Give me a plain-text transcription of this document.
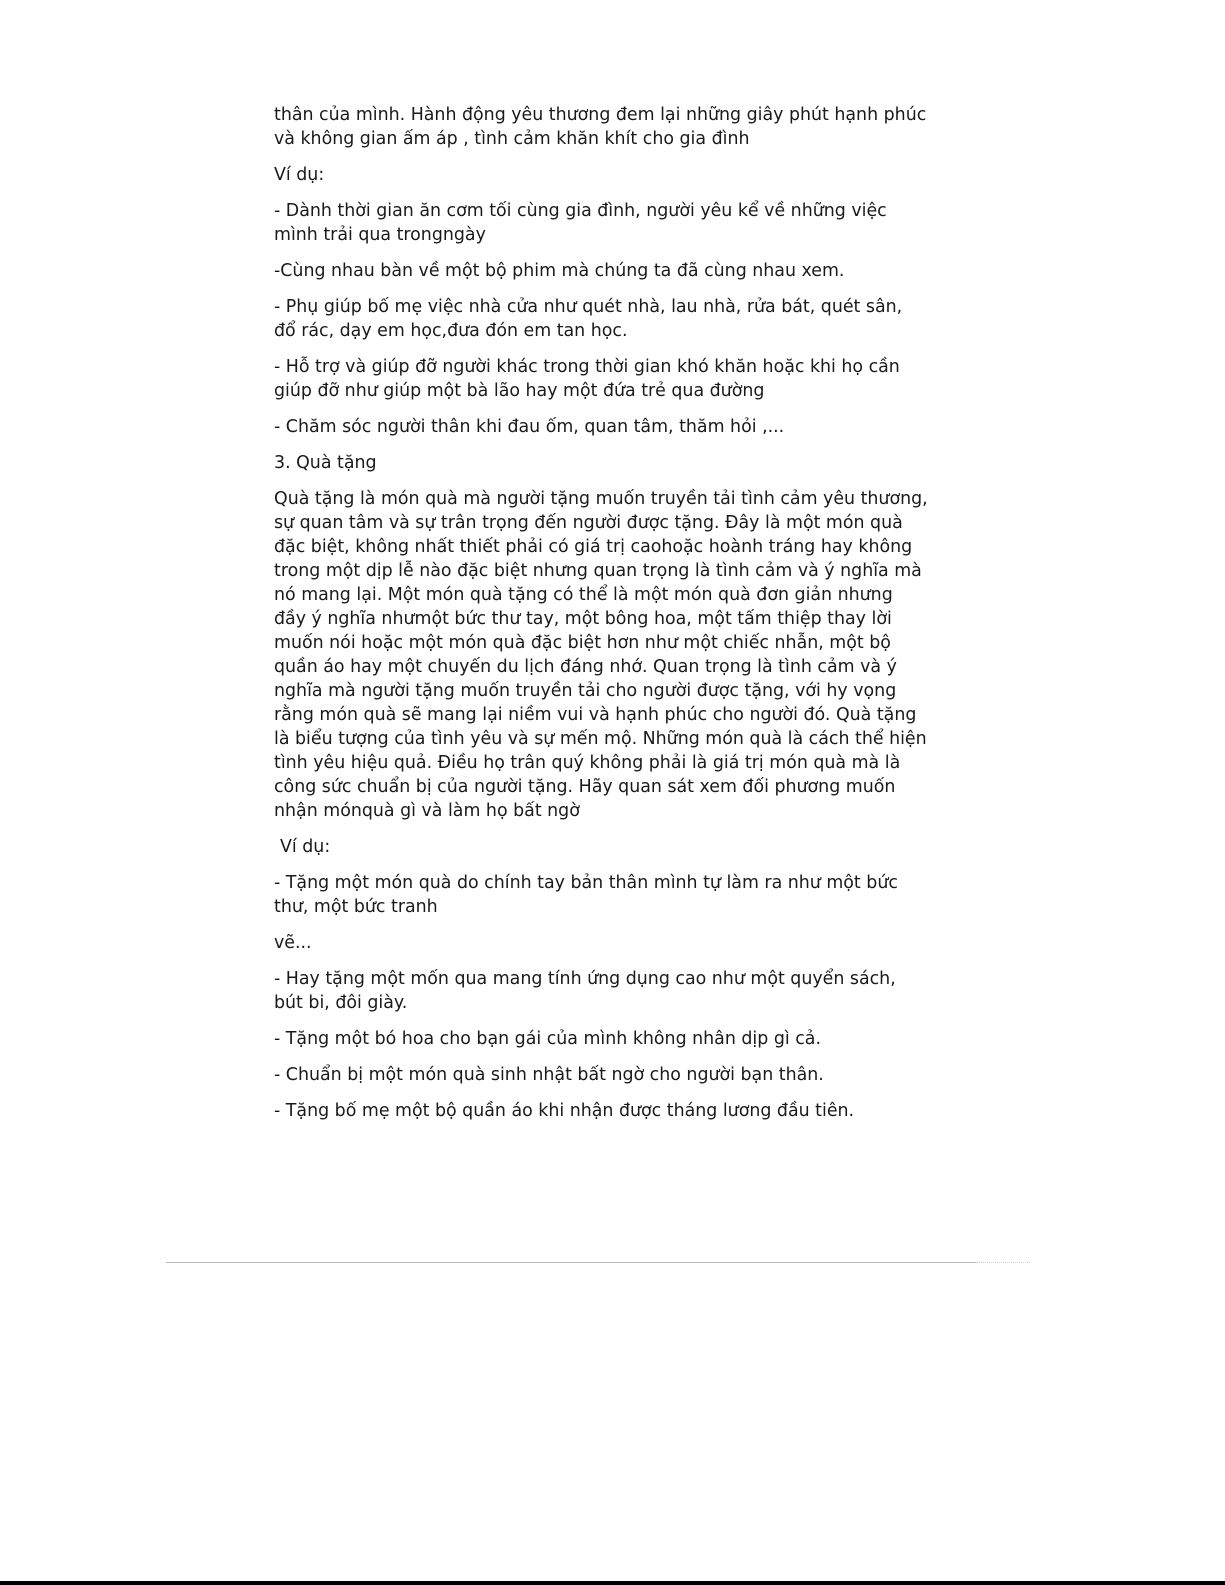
thân của mình. Hành động yêu thương đem lại những giây phút hạnh phúc
và không gian ấm áp , tình cảm khăn khít cho gia đình

Ví dụ:

- Dành thời gian ăn cơm tối cùng gia đình, người yêu kể về những việc
mình trải qua trongngày

-Cùng nhau bàn về một bộ phim mà chúng ta đã cùng nhau xem.

- Phụ giúp bố mẹ việc nhà cửa như quét nhà, lau nhà, rửa bát, quét sân,
đổ rác, dạy em học,đưa đón em tan học.

- Hỗ trợ và giúp đỡ người khác trong thời gian khó khăn hoặc khi họ cần
giúp đỡ như giúp một bà lão hay một đứa trẻ qua đường

- Chăm sóc người thân khi đau ốm, quan tâm, thăm hỏi ,...

3. Quà tặng

Quà tặng là món quà mà người tặng muốn truyền tải tình cảm yêu thương,
sự quan tâm và sự trân trọng đến người được tặng. Đây là một món quà
đặc biệt, không nhất thiết phải có giá trị caohoặc hoành tráng hay không
trong một dịp lễ nào đặc biệt nhưng quan trọng là tình cảm và ý nghĩa mà
nó mang lại. Một món quà tặng có thể là một món quà đơn giản nhưng
đầy ý nghĩa nhưmột bức thư tay, một bông hoa, một tấm thiệp thay lời
muốn nói hoặc một món quà đặc biệt hơn như một chiếc nhẫn, một bộ
quần áo hay một chuyến du lịch đáng nhớ. Quan trọng là tình cảm và ý
nghĩa mà người tặng muốn truyền tải cho người được tặng, với hy vọng
rằng món quà sẽ mang lại niềm vui và hạnh phúc cho người đó. Quà tặng
là biểu tượng của tình yêu và sự mến mộ. Những món quà là cách thể hiện
tình yêu hiệu quả. Điều họ trân quý không phải là giá trị món quà mà là
công sức chuẩn bị của người tặng. Hãy quan sát xem đối phương muốn
nhận mónquà gì và làm họ bất ngờ

Ví dụ:

- Tặng một món quà do chính tay bản thân mình tự làm ra như một bức
thư, một bức tranh

vẽ...

- Hay tặng một mốn qua mang tính ứng dụng cao như một quyển sách,
bút bi, đôi giày.

- Tặng một bó hoa cho bạn gái của mình không nhân dịp gì cả.

- Chuẩn bị một món quà sinh nhật bất ngờ cho người bạn thân.

- Tặng bố mẹ một bộ quần áo khi nhận được tháng lương đầu tiên.
